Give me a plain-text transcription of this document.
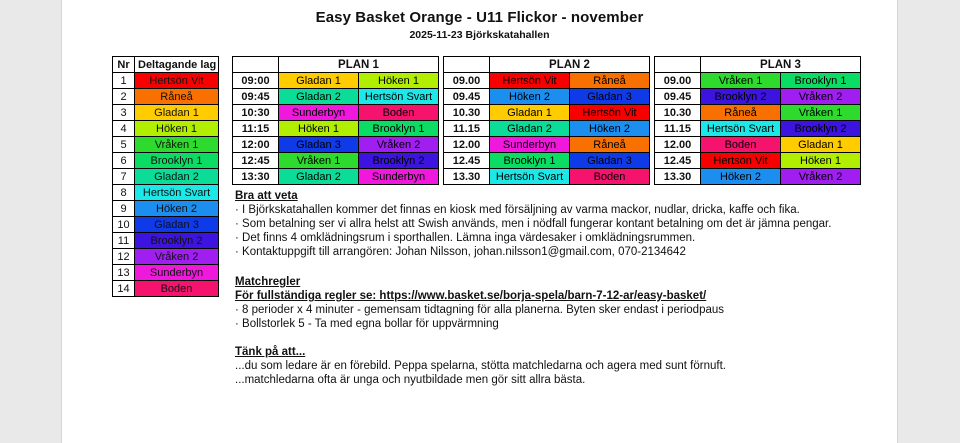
Easy Basket Orange - U11 Flickor - november
2025-11-23 Björkskatahallen
Nr	Deltagande lag
1	Hertsön Vit
2	Råneå
3	Gladan 1
4	Höken 1
5	Vråken 1
6	Brooklyn 1
7	Gladan 2
8	Hertsön Svart
9	Höken 2
10	Gladan 3
11	Brooklyn 2
12	Vråken 2
13	Sunderbyn
14	Boden
	PLAN 1	
09:00	Gladan 1	Höken 1
09:45	Gladan 2	Hertsön Svart
10:30	Sunderbyn	Boden
11:15	Höken 1	Brooklyn 1
12:00	Gladan 3	Vråken 2
12:45	Vråken 1	Brooklyn 2
13:30	Gladan 2	Sunderbyn
	PLAN 2	
09.00	Hertsön Vit	Råneå
09.45	Höken 2	Gladan 3
10.30	Gladan 1	Hertsön Vit
11.15	Gladan 2	Höken 2
12.00	Sunderbyn	Råneå
12.45	Brooklyn 1	Gladan 3
13.30	Hertsön Svart	Boden
	PLAN 3	
09.00	Vråken 1	Brooklyn 1
09.45	Brooklyn 2	Vråken 2
10.30	Råneå	Vråken 1
11.15	Hertsön Svart	Brooklyn 2
12.00	Boden	Gladan 1
12.45	Hertsön Vit	Höken 1
13.30	Höken 2	Vråken 2
Bra att veta
· I Björkskatahallen kommer det finnas en kiosk med försäljning av varma mackor, nudlar, dricka, kaffe och fika.
· Som betalning ser vi allra helst att Swish används, men i nödfall fungerar kontant betalning om det är jämna pengar.
· Det finns 4 omklädningsrum i sporthallen. Lämna inga värdesaker i omklädningsrummen.
· Kontaktuppgift till arrangören: Johan Nilsson, johan.nilsson1@gmail.com, 070-2134642
Matchregler
För fullständiga regler se: https://www.basket.se/borja-spela/barn-7-12-ar/easy-basket/
· 8 perioder x 4 minuter - gemensam tidtagning för alla planerna. Byten sker endast i periodpaus
· Bollstorlek 5 - Ta med egna bollar för uppvärmning
Tänk på att...
...du som ledare är en förebild. Peppa spelarna, stötta matchledarna och agera med sunt förnuft.
...matchledarna ofta är unga och nyutbildade men gör sitt allra bästa.
